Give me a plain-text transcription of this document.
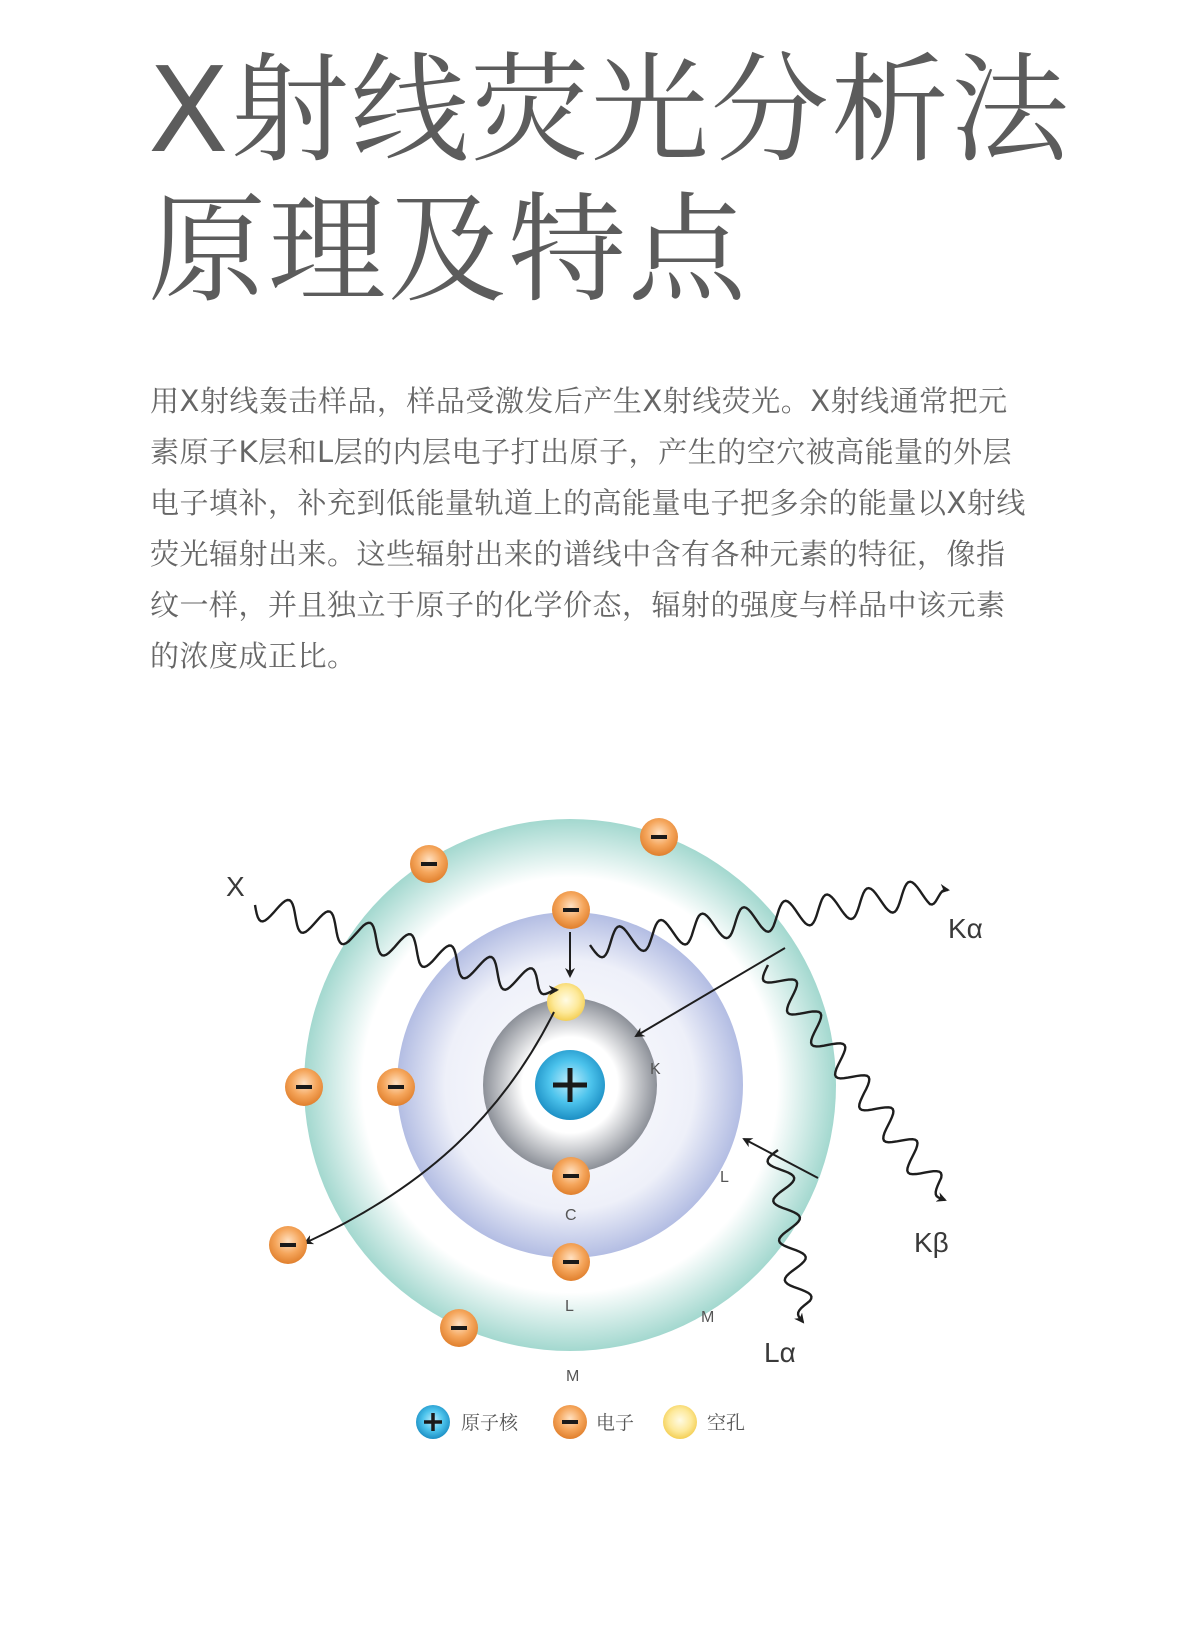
X射线荧光分析法
原理及特点

用X射线轰击样品，样品受激发后产生X射线荧光。X射线通常把元素原子K层和L层的内层电子打出原子，产生的空穴被高能量的外层电子填补，补充到低能量轨道上的高能量电子把多余的能量以X射线荧光辐射出来。这些辐射出来的谱线中含有各种元素的特征，像指纹一样，并且独立于原子的化学价态，辐射的强度与样品中该元素的浓度成正比。

X
Kα
Kβ
Lα
K
L
C
L
M
M
原子核	电子	空孔
